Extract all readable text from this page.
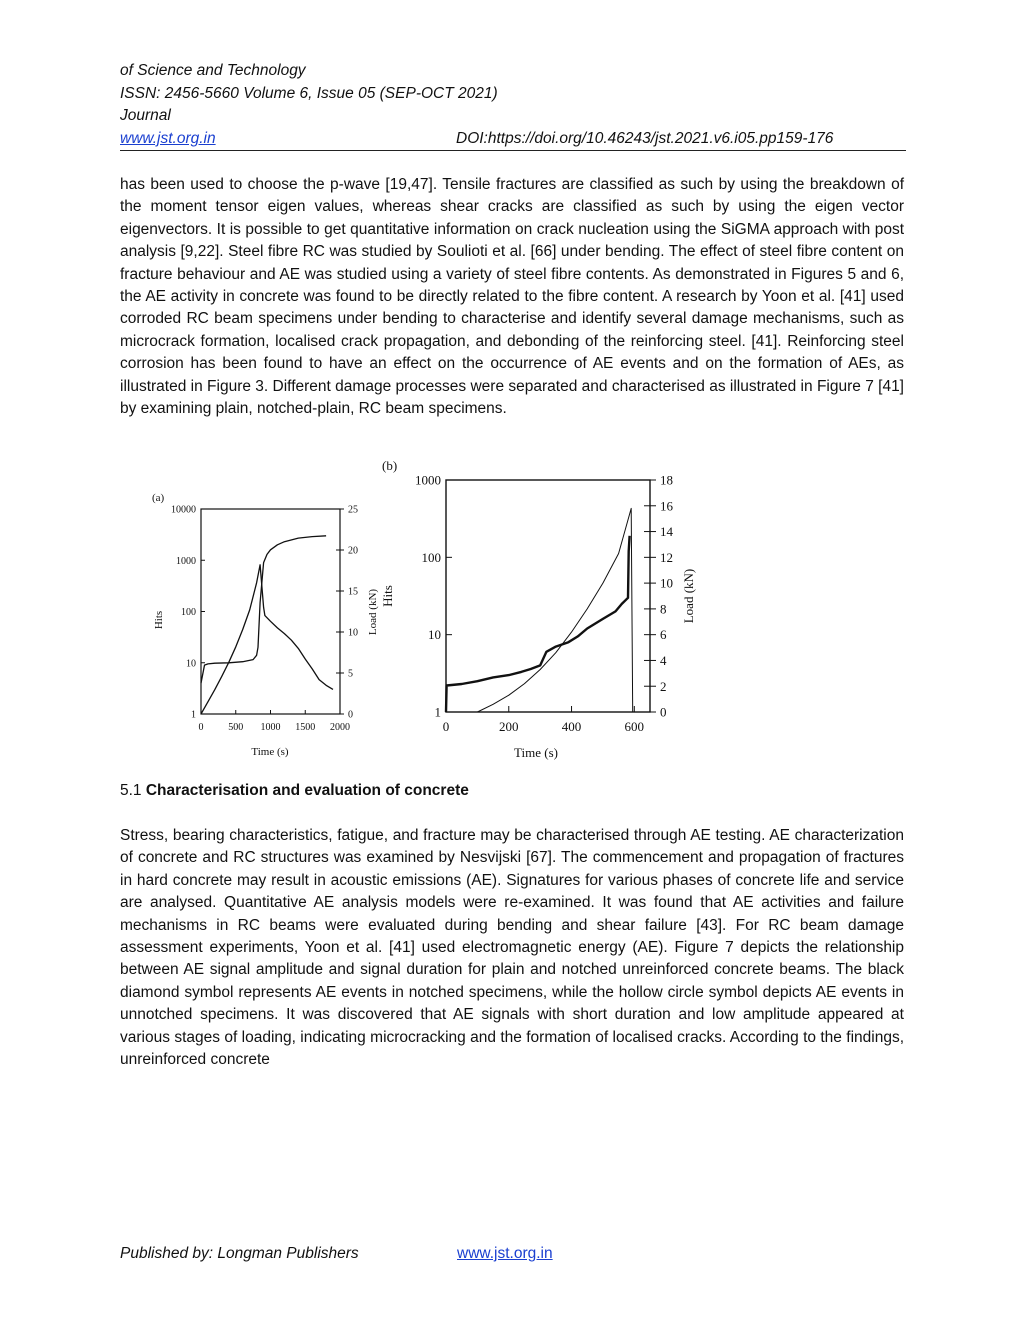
of Science and Technology
ISSN: 2456-5660 Volume 6, Issue 05 (SEP-OCT 2021)
Journal
www.jst.org.in	DOI:https://doi.org/10.46243/jst.2021.v6.i05.pp159-176

has been used to choose the p-wave [19,47]. Tensile fractures are classified as such by using the breakdown of the moment tensor eigen values, whereas shear cracks are classified as such by using the eigen vector eigenvectors. It is possible to get quantitative information on crack nucleation using the SiGMA approach with post analysis [9,22]. Steel fibre RC was studied by Soulioti et al. [66] under bending. The effect of steel fibre content on fracture behaviour and AE was studied using a variety of steel fibre contents. As demonstrated in Figures 5 and 6, the AE activity in concrete was found to be directly related to the fibre content. A research by Yoon et al. [41] used corroded RC beam specimens under bending to characterise and identify several damage mechanisms, such as microcrack formation, localised crack propagation, and debonding of the reinforcing steel. [41]. Reinforcing steel corrosion has been found to have an effect on the occurrence of AE events and on the formation of AEs, as illustrated in Figure 3. Different damage processes were separated and characterised as illustrated in Figure 7 [41] by examining plain, notched-plain, RC beam specimens.

(a)
0 500 1000 1500 2000
1
10
100
1000
10000
0
5
10
15
20
25
Hits	Load (kN)
Time (s)
(b)
0	200	400	600
1
10
100
1000
0
2
4
6
8
10
12
14
16
18
Hits	Load (kN)
Time (s)
5.1 Characterisation and evaluation of concrete

Stress, bearing characteristics, fatigue, and fracture may be characterised through AE testing. AE characterization of concrete and RC structures was examined by Nesvijski [67]. The commencement and propagation of fractures in hard concrete may result in acoustic emissions (AE). Signatures for various phases of concrete life and service are analysed. Quantitative AE analysis models were re-examined. It was found that AE activities and failure mechanisms in RC beams were evaluated during bending and shear failure [43]. For RC beam damage assessment experiments, Yoon et al. [41] used electromagnetic energy (AE). Figure 7 depicts the relationship between AE signal amplitude and signal duration for plain and notched unreinforced concrete beams. The black diamond symbol represents AE events in notched specimens, while the hollow circle symbol depicts AE events in unnotched specimens. It was discovered that AE signals with short duration and low amplitude appeared at various stages of loading, indicating microcracking and the formation of localised cracks. According to the findings, unreinforced concrete

Published by: Longman Publishers	www.jst.org.in
